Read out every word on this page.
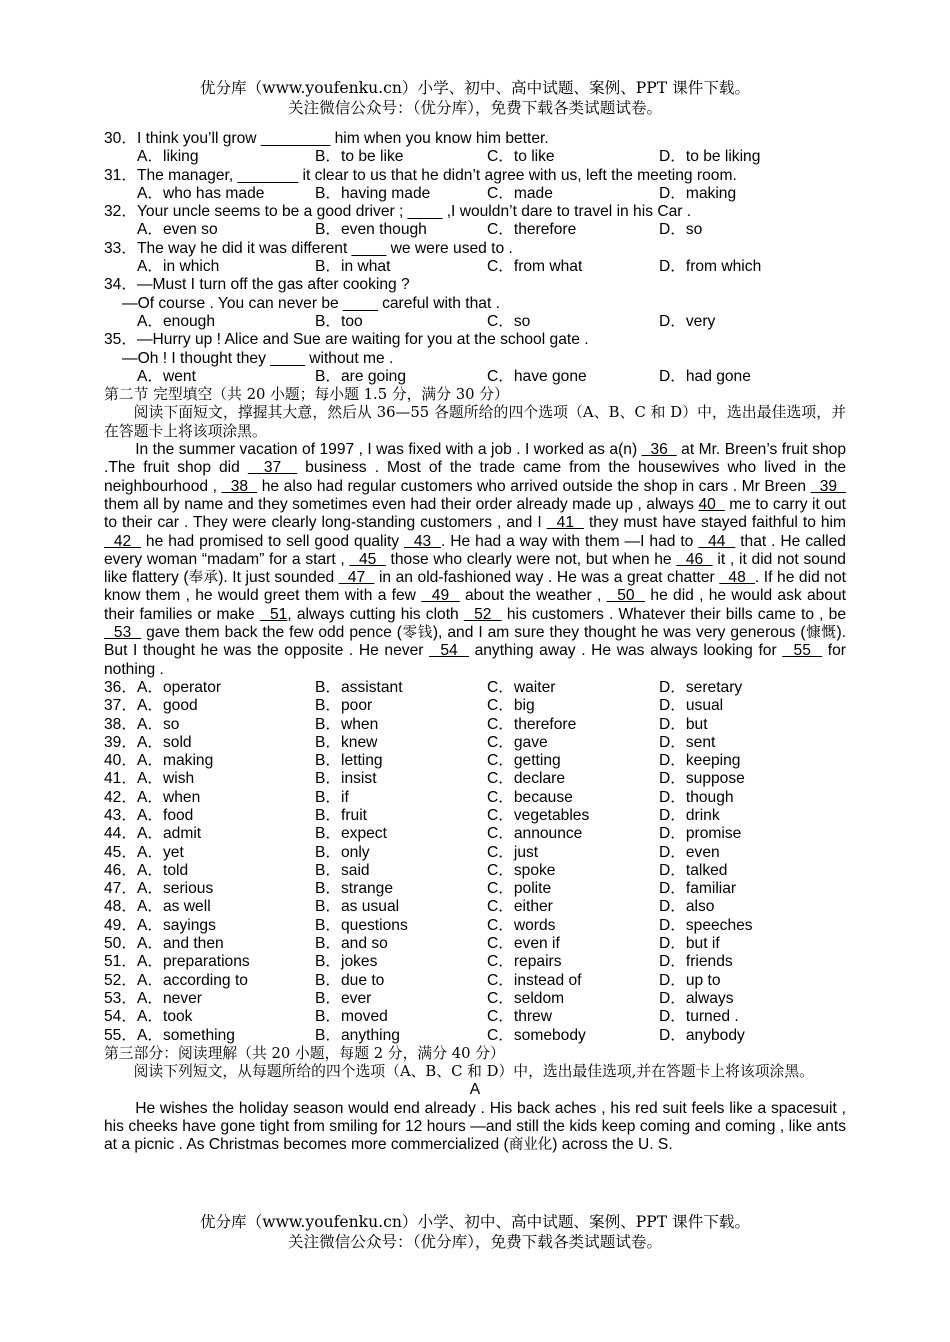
优分库（www.youfenku.cn）小学、初中、高中试题、案例、PPT 课件下载。
关注微信公众号：（优分库），免费下载各类试题试卷。
30．I think you’ll grow ________ him when you know him better.
A．liking	B．to be like	C．to like	D．to be liking
31．The manager, _______ it clear to us that he didn’t agree with us, left the meeting room.
A．who has made	B．having made	C．made	D．making
32．Your uncle seems to be a good driver ; ____ ,I wouldn’t dare to travel in his Car .
A．even so	B．even though	C．therefore	D．so
33．The way he did it was different ____ we were used to .
A．in which	B．in what	C．from what	D．from which
34．—Must I turn off the gas after cooking ?
—Of course . You can never be ____ careful with that .
A．enough	B．too	C．so	D．very
35．—Hurry up ! Alice and Sue are waiting for you at the school gate .
—Oh ! I thought they ____ without me .
A．went	B．are going	C．have gone	D．had gone
第二节 完型填空（共 20 小题；每小题 1.5 分，满分 30 分）
阅读下面短文，撑握其大意，然后从 36—55 各题所给的四个选项（A、B、C 和 D）中，选出最佳选项，并在答题卡上将该项涂黑。
In the summer vacation of 1997 , I was fixed with a job . I worked as a(n)   36   at Mr. Breen’s fruit shop .The fruit shop did   37   business . Most of the trade came from the housewives who lived in the neighbourhood ,   38   he also had regular customers who arrived outside the shop in cars . Mr Breen   39   them all by name and they sometimes even had their order already made up , always 40   me to carry it out to their car . They were clearly long-standing customers , and I   41   they must have stayed faithful to him   42   he had promised to sell good quality   43  . He had a way with them —I had to   44   that . He called every woman “madam” for a start ,   45   those who clearly were not, but when he   46   it , it did not sound like flattery (奉承). It just sounded   47   in an old-fashioned way . He was a great chatter   48  . If he did not know them , he would greet them with a few   49   about the weather ,   50   he did , he would ask about their families or make   51, always cutting his cloth   52   his customers . Whatever their bills came to , be   53   gave them back the few odd pence (零钱), and I am sure they thought he was very generous (慷慨). But I thought he was the opposite . He never   54   anything away . He was always looking for   55   for nothing .
36． A．operator	B．assistant	C．waiter	D．seretary
37． A．good	B．poor	C．big	D．usual
38． A．so	B．when	C．therefore	D．but
39． A．sold	B．knew	C．gave	D．sent
40． A．making	B．letting	C．getting	D．keeping
41． A．wish	B．insist	C．declare	D．suppose
42． A．when	B．if	C．because	D．though
43． A．food	B．fruit	C．vegetables	D．drink
44． A．admit	B．expect	C．announce	D．promise
45． A．yet	B．only	C．just	D．even
46． A．told	B．said	C．spoke	D．talked
47． A．serious	B．strange	C．polite	D．familiar
48． A．as well	B．as usual	C．either	D．also
49． A．sayings	B．questions	C．words	D．speeches
50． A．and then	B．and so	C．even if	D．but if
51． A．preparations	B．jokes	C．repairs	D．friends
52． A．according to	B．due to	C．instead of	D．up to
53． A．never	B．ever	C．seldom	D．always
54． A．took	B．moved	C．threw	D．turned .
55． A．something	B．anything	C．somebody	D．anybody
第三部分：阅读理解（共 20 小题，每题 2 分，满分 40 分）
阅读下列短文，从每题所给的四个选项（A、B、C 和 D）中，选出最佳选项,并在答题卡上将该项涂黑。
A
He wishes the holiday season would end already . His back aches , his red suit feels like a spacesuit , his cheeks have gone tight from smiling for 12 hours —and still the kids keep coming and coming , like ants at a picnic . As Christmas becomes more commercialized (商业化) across the U. S.
优分库（www.youfenku.cn）小学、初中、高中试题、案例、PPT 课件下载。
关注微信公众号：（优分库），免费下载各类试题试卷。
